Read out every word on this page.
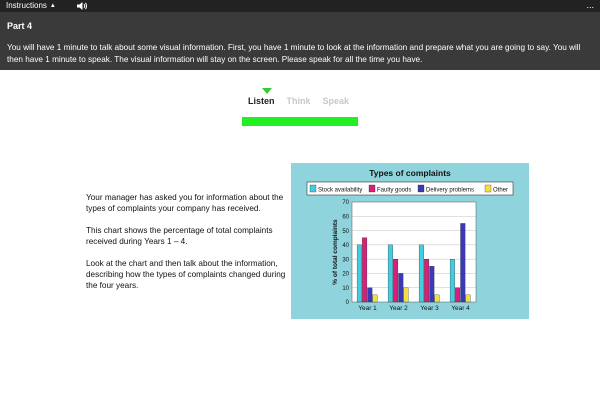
Instructions ▲	...
Part 4
You will have 1 minute to talk about some visual information. First, you have 1 minute to look at the information and prepare what you are going to say. You will then have 1 minute to speak. The visual information will stay on the screen. Please speak for all the time you have.
Listen Think Speak

Your manager has asked you for information about the types of complaints your company has received.

This chart shows the percentage of total complaints received during Years 1 – 4.

Look at the chart and then talk about the information, describing how the types of complaints changed during the four years.

Types of complaints
Stock availability Faulty goods Delivery problems	Other
0
10
20
30
40
50
60
70
Year 1 Year 2 Year 3 Year 4
% of total complaints
